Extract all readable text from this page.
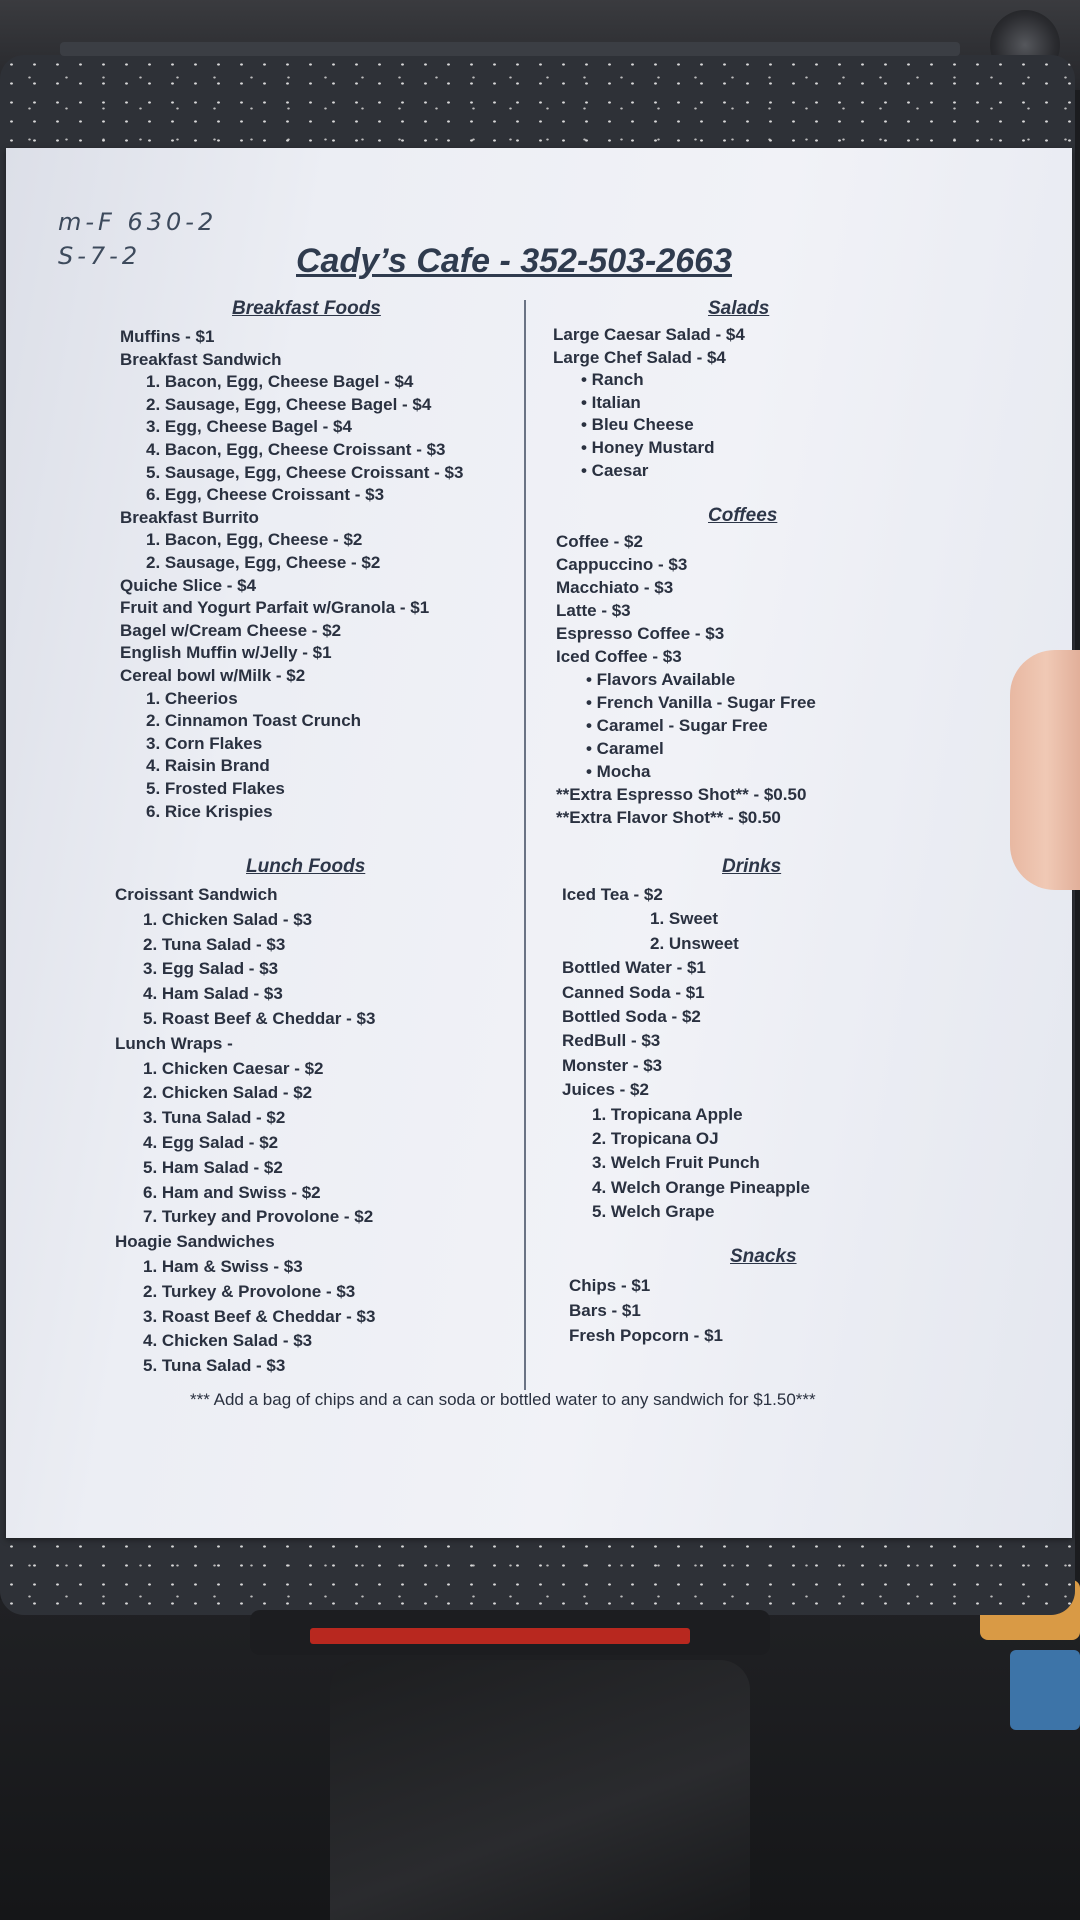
m-F 630-2
S-7-2	Cady’s Cafe - 352-503-2663
Breakfast Foods
Muffins - $1
Breakfast Sandwich
1. Bacon, Egg, Cheese Bagel - $4
2. Sausage, Egg, Cheese Bagel - $4
3. Egg, Cheese Bagel - $4
4. Bacon, Egg, Cheese Croissant - $3
5. Sausage, Egg, Cheese Croissant - $3
6. Egg, Cheese Croissant - $3
Breakfast Burrito
1. Bacon, Egg, Cheese - $2
2. Sausage, Egg, Cheese - $2
Quiche Slice - $4
Fruit and Yogurt Parfait w/Granola - $1
Bagel w/Cream Cheese - $2
English Muffin w/Jelly - $1
Cereal bowl w/Milk - $2
1. Cheerios
2. Cinnamon Toast Crunch
3. Corn Flakes
4. Raisin Brand
5. Frosted Flakes
6. Rice Krispies
Lunch Foods
Croissant Sandwich
1. Chicken Salad - $3
2. Tuna Salad - $3
3. Egg Salad - $3
4. Ham Salad - $3
5. Roast Beef & Cheddar - $3
Lunch Wraps -
1. Chicken Caesar - $2
2. Chicken Salad - $2
3. Tuna Salad - $2
4. Egg Salad - $2
5. Ham Salad - $2
6. Ham and Swiss - $2
7. Turkey and Provolone - $2
Hoagie Sandwiches
1. Ham & Swiss - $3
2. Turkey & Provolone - $3
3. Roast Beef & Cheddar - $3
4. Chicken Salad - $3
5. Tuna Salad - $3
Salads
Large Caesar Salad - $4
Large Chef Salad - $4
• Ranch
• Italian
• Bleu Cheese
• Honey Mustard
• Caesar
Coffees
Coffee - $2
Cappuccino - $3
Macchiato - $3
Latte - $3
Espresso Coffee - $3
Iced Coffee - $3
• Flavors Available
• French Vanilla - Sugar Free
• Caramel - Sugar Free
• Caramel
• Mocha
**Extra Espresso Shot** - $0.50
**Extra Flavor Shot** - $0.50
Drinks
Iced Tea - $2
1. Sweet
2. Unsweet
Bottled Water - $1
Canned Soda - $1
Bottled Soda - $2
RedBull - $3
Monster - $3
Juices - $2
1. Tropicana Apple
2. Tropicana OJ
3. Welch Fruit Punch
4. Welch Orange Pineapple
5. Welch Grape
Snacks
Chips - $1
Bars - $1
Fresh Popcorn - $1
*** Add a bag of chips and a can soda or bottled water to any sandwich for $1.50***
